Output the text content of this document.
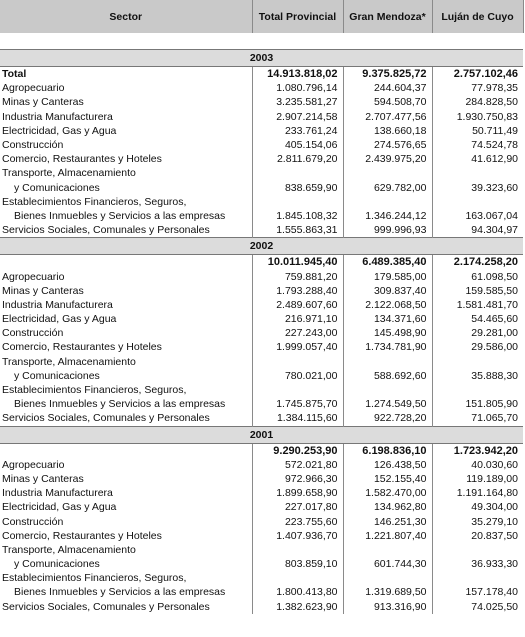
Sector	Total Provincial	Gran Mendoza*	Luján de Cuyo

2003			
Total	14.913.818,02	9.375.825,72	2.757.102,46
Agropecuario	1.080.796,14	244.604,37	77.978,35
Minas y Canteras	3.235.581,27	594.508,70	284.828,50
Industria Manufacturera	2.907.214,58	2.707.477,56	1.930.750,83
Electricidad, Gas y Agua	233.761,24	138.660,18	50.711,49
Construcción	405.154,06	274.576,65	74.524,78
Comercio, Restaurantes y Hoteles	2.811.679,20	2.439.975,20	41.612,90
Transporte, Almacenamiento			
y Comunicaciones	838.659,90	629.782,00	39.323,60
Establecimientos Financieros, Seguros,			
Bienes Inmuebles y Servicios a las empresas	1.845.108,32	1.346.244,12	163.067,04
Servicios Sociales, Comunales y Personales	1.555.863,31	999.996,93	94.304,97
2002			
	10.011.945,40	6.489.385,40	2.174.258,20
Agropecuario	759.881,20	179.585,00	61.098,50
Minas y Canteras	1.793.288,40	309.837,40	159.585,50
Industria Manufacturera	2.489.607,60	2.122.068,50	1.581.481,70
Electricidad, Gas y Agua	216.971,10	134.371,60	54.465,60
Construcción	227.243,00	145.498,90	29.281,00
Comercio, Restaurantes y Hoteles	1.999.057,40	1.734.781,90	29.586,00
Transporte, Almacenamiento			
y Comunicaciones	780.021,00	588.692,60	35.888,30
Establecimientos Financieros, Seguros,			
Bienes Inmuebles y Servicios a las empresas	1.745.875,70	1.274.549,50	151.805,90
Servicios Sociales, Comunales y Personales	1.384.115,60	922.728,20	71.065,70
2001			
	9.290.253,90	6.198.836,10	1.723.942,20
Agropecuario	572.021,80	126.438,50	40.030,60
Minas y Canteras	972.966,30	152.155,40	119.189,00
Industria Manufacturera	1.899.658,90	1.582.470,00	1.191.164,80
Electricidad, Gas y Agua	227.017,80	134.962,80	49.304,00
Construcción	223.755,60	146.251,30	35.279,10
Comercio, Restaurantes y Hoteles	1.407.936,70	1.221.807,40	20.837,50
Transporte, Almacenamiento			
y Comunicaciones	803.859,10	601.744,30	36.933,30
Establecimientos Financieros, Seguros,			
Bienes Inmuebles y Servicios a las empresas	1.800.413,80	1.319.689,50	157.178,40
Servicios Sociales, Comunales y Personales	1.382.623,90	913.316,90	74.025,50
